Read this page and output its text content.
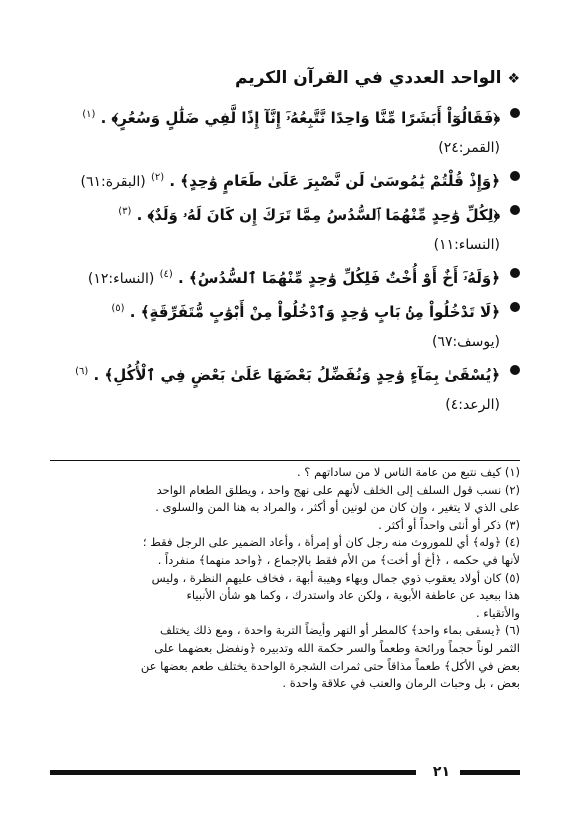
❖الواحد العددي في القرآن الكريم
﴿فَقَالُوٓاْ أَبَشَرًا مِّنَّا وَاحِدًا نَّتَّبِعُهُۥٓ إِنَّآ إِذًا لَّفِي ضَلَٰلٍ وَسُعُرٍ﴾ . $^{(١)}$
(القمر:٢٤)
﴿وَإِذْ قُلْتُمْ يَٰمُوسَىٰ لَن نَّصْبِرَ عَلَىٰ طَعَامٍ وَٰحِدٍ﴾ . $^{(٢)}$ (البقرة:٦١)
﴿لِكُلِّ وَٰحِدٍ مِّنْهُمَا ٱلسُّدُسُ مِمَّا تَرَكَ إِن كَانَ لَهُۥ وَلَدٌ﴾ . $^{(٣)}$
(النساء:١١)
﴿وَلَهُۥٓ أَخٌ أَوْ أُخْتٌ فَلِكُلِّ وَٰحِدٍ مِّنْهُمَا ٱلسُّدُسُ﴾ . $^{(٤)}$ (النساء:١٢)
﴿لَا تَدْخُلُواْ مِنۢ بَابٍ وَٰحِدٍ وَٱدْخُلُواْ مِنْ أَبْوَٰبٍ مُّتَفَرِّقَةٍ﴾ . $^{(٥)}$
(يوسف:٦٧)
﴿يُسْقَىٰ بِمَآءٍ وَٰحِدٍ وَنُفَضِّلُ بَعْضَهَا عَلَىٰ بَعْضٍ فِي ٱلْأُكُلِ﴾ . $^{(٦)}$
(الرعد:٤)
(١) كيف نتبع من عامة الناس لا من ساداتهم ؟ .
(٢) نسب قول السلف إلى الخلف لأنهم على نهج واحد ، ويطلق الطعام الواحد
على الذي لا يتغير ، وإن كان من لونين أو أكثر ، والمراد به هنا المن والسلوى .
(٣) ذكر أو أنثى واحداً أو أكثر .
(٤) ﴿وله﴾ أي للموروث منه رجل كان أو إمرأة ، وأعاد الضمير على الرجل فقط ؛
لأنها في حكمه ، ﴿أخ أو أخت﴾ من الأم فقط بالإجماع ، ﴿واحد منهما﴾ منفرداً .
(٥) كان أولاد يعقوب ذوي جمال وبهاء وهيبة أبهة ، فخاف عليهم النظرة ، وليس
هذا ببعيد عن عاطفة الأبوية ، ولكن عاد واستدرك ، وكما هو شأن الأنبياء
والأتقياء .
(٦) ﴿يسقى بماء واحد﴾ كالمطر أو النهر وأيضاً التربة واحدة ، ومع ذلك يختلف
الثمر لوناً حجماً ورائحة وطعماً والسر حكمة الله وتدبيره ﴿ونفضل بعضهما على
بعض في الأكل﴾ طعماً مذاقاً حتى ثمرات الشجرة الواحدة يختلف طعم بعضها عن
بعض ، بل وحبات الرمان والعنب في علاقة واحدة .
٢١
